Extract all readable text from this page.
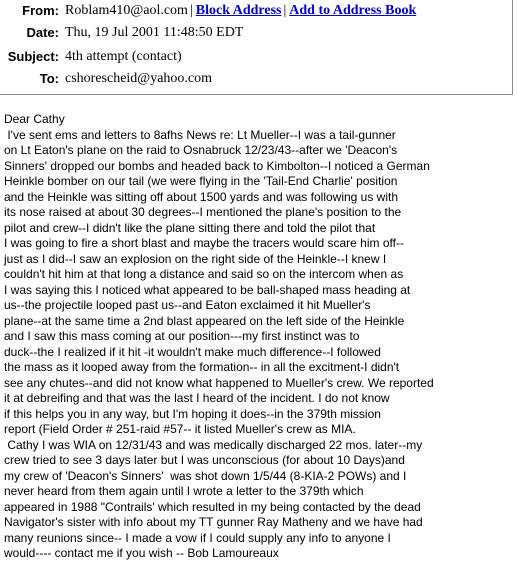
From: Roblam410@aol.com | Block Address | Add to Address Book
Date: Thu, 19 Jul 2001 11:48:50 EDT
Subject: 4th attempt (contact)
To: cshorescheid@yahoo.com
Dear Cathy
I've sent ems and letters to 8afhs News re: Lt Mueller--I was a tail-gunner
on Lt Eaton's plane on the raid to Osnabruck 12/23/43--after we 'Deacon's
Sinners' dropped our bombs and headed back to Kimbolton--I noticed a German
Heinkle bomber on our tail (we were flying in the 'Tail-End Charlie' position
and the Heinkle was sitting off about 1500 yards and was following us with
its nose raised at about 30 degrees--I mentioned the plane's position to the
pilot and crew--I didn't like the plane sitting there and told the pilot that
I was going to fire a short blast and maybe the tracers would scare him off--
just as I did--I saw an explosion on the right side of the Heinkle--I knew I
couldn't hit him at that long a distance and said so on the intercom when as
I was saying this I noticed what appeared to be ball-shaped mass heading at
us--the projectile looped past us--and Eaton exclaimed it hit Mueller's
plane--at the same time a 2nd blast appeared on the left side of the Heinkle
and I saw this mass coming at our position---my first instinct was to
duck--the I realized if it hit -it wouldn't make much difference--I followed
the mass as it looped away from the formation-- in all the excitment-I didn't
see any chutes--and did not know what happened to Mueller's crew. We reported
it at debreifing and that was the last I heard of the incident. I do not know
if this helps you in any way, but I'm hoping it does--in the 379th mission
report (Field Order # 251-raid #57-- it listed Mueller's crew as MIA.
Cathy I was WIA on 12/31/43 and was medically discharged 22 mos. later--my
crew tried to see 3 days later but I was unconscious (for about 10 Days)and
my crew of 'Deacon's Sinners'  was shot down 1/5/44 (8-KIA-2 POWs) and I
never heard from them again until I wrote a letter to the 379th which
appeared in 1988 "Contrails' which resulted in my being contacted by the dead
Navigator's sister with info about my TT gunner Ray Matheny and we have had
many reunions since-- I made a vow if I could supply any info to anyone I
would---- contact me if you wish -- Bob Lamoureaux
